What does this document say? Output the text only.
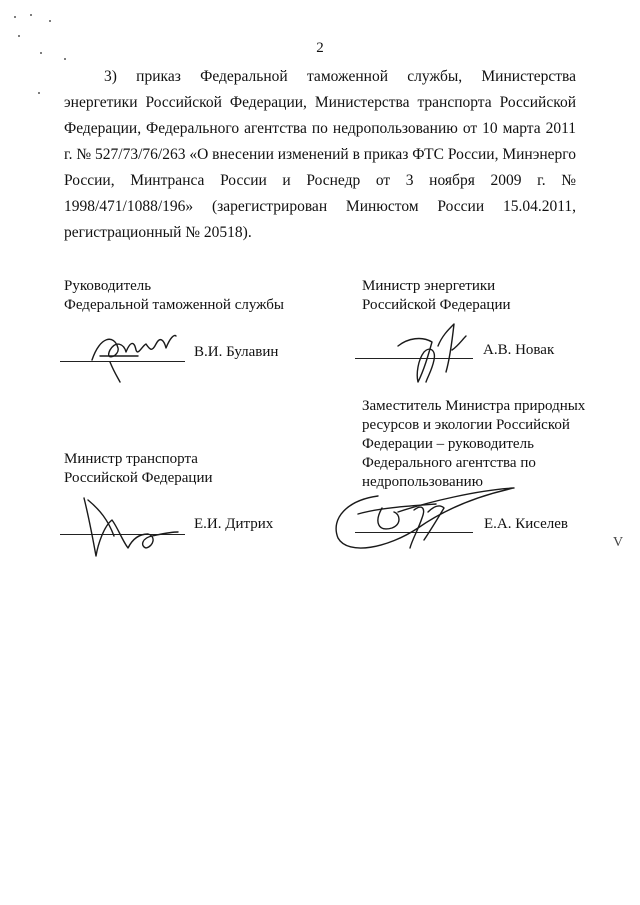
2

3) приказ Федеральной таможенной службы, Министерства энергетики Российской Федерации, Министерства транспорта Российской Федерации, Федерального агентства по недропользованию от 10 марта 2011 г. № 527/73/76/263 «О внесении изменений в приказ ФТС России, Минэнерго России, Минтранса России и Роснедр от 3 ноября 2009 г. № 1998/471/1088/196» (зарегистрирован Минюстом России 15.04.2011, регистрационный № 20518).

Руководитель
Федеральной таможенной службы
В.И. Булавин
Министр энергетики
Российской Федерации
А.В. Новак
Министр транспорта
Российской Федерации
Е.И. Дитрих
Заместитель Министра природных
ресурсов и экологии Российской
Федерации – руководитель
Федерального агентства по
недропользованию
Е.А. Киселев
V
